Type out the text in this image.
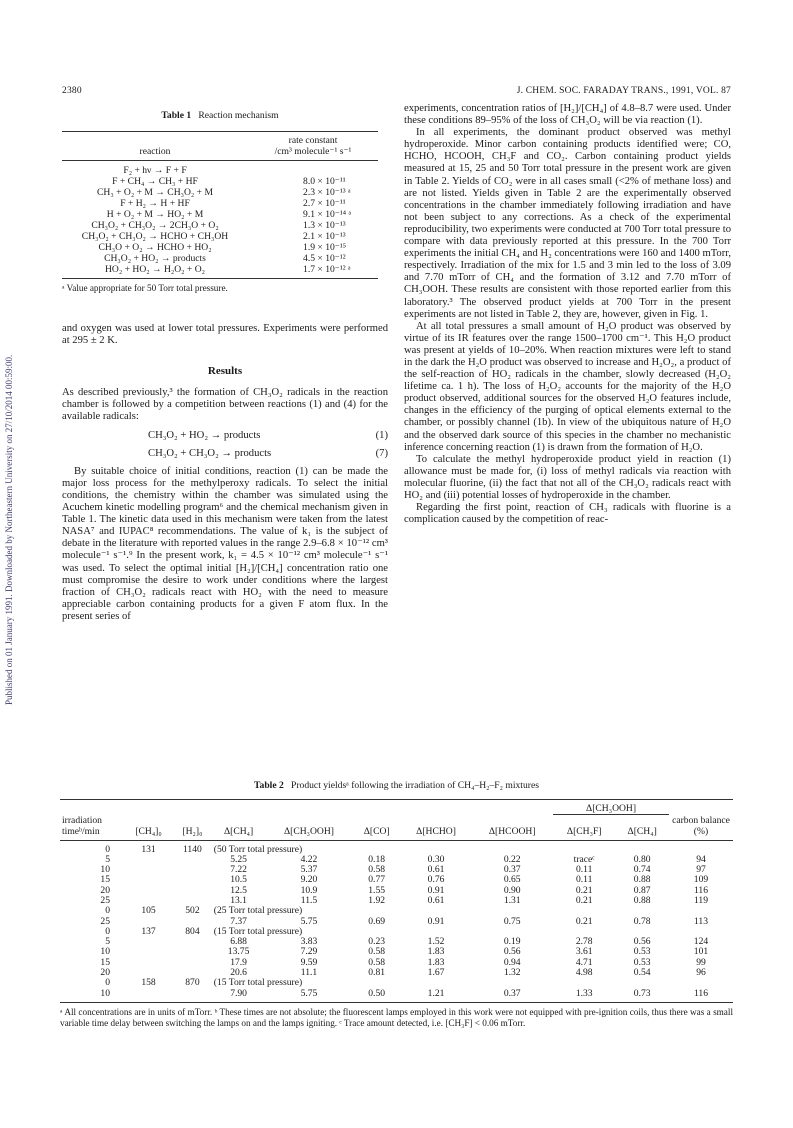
Published on 01 January 1991. Downloaded by Northeastern University on 27/10/2014 00:59:00.
2380	J. CHEM. SOC. FARADAY TRANS., 1991, VOL. 87
Table 1 Reaction mechanism
	rate constant
reaction	/cm³ molecule⁻¹ s⁻¹
F₂ + hν → F + F	
F + CH₄ → CH₃ + HF	8.0 × 10⁻¹¹
CH₃ + O₂ + M → CH₃O₂ + M	2.3 × 10⁻¹³ ᵃ
F + H₂ → H + HF	2.7 × 10⁻¹¹
H + O₂ + M → HO₂ + M	9.1 × 10⁻¹⁴ ᵃ
CH₃O₂ + CH₃O₂ → 2CH₃O + O₂	1.3 × 10⁻¹³
CH₃O₂ + CH₃O₂ → HCHO + CH₃OH	2.1 × 10⁻¹³
CH₃O + O₂ → HCHO + HO₂	1.9 × 10⁻¹⁵
CH₃O₂ + HO₂ → products	4.5 × 10⁻¹²
HO₂ + HO₂ → H₂O₂ + O₂	1.7 × 10⁻¹² ᵃ
ᵃ Value appropriate for 50 Torr total pressure.

and oxygen was used at lower total pressures. Experiments were performed at 295 ± 2 K.

Results

As described previously,³ the formation of CH₃O₂ radicals in the reaction chamber is followed by a competition between reactions (1) and (4) for the available radicals:

CH₃O₂ + HO₂ → products	(1)
CH₃O₂ + CH₃O₂ → products	(7)

By suitable choice of initial conditions, reaction (1) can be made the major loss process for the methylperoxy radicals. To select the initial conditions, the chemistry within the chamber was simulated using the Acuchem kinetic modelling program⁶ and the chemical mechanism given in Table 1. The kinetic data used in this mechanism were taken from the latest NASA⁷ and IUPAC⁸ recommendations. The value of k₁ is the subject of debate in the literature with reported values in the range 2.9–6.8 × 10⁻¹² cm³ molecule⁻¹ s⁻¹.⁹ In the present work, k₁ = 4.5 × 10⁻¹² cm³ molecule⁻¹ s⁻¹ was used. To select the optimal initial [H₂]/[CH₄] concentration ratio one must compromise the desire to work under conditions where the largest fraction of CH₃O₂ radicals react with HO₂ with the need to measure appreciable carbon containing products for a given F atom flux. In the present series of

experiments, concentration ratios of [H₂]/[CH₄] of 4.8–8.7 were used. Under these conditions 89–95% of the loss of CH₃O₂ will be via reaction (1).

In all experiments, the dominant product observed was methyl hydroperoxide. Minor carbon containing products identified were; CO, HCHO, HCOOH, CH₃F and CO₂. Carbon containing product yields measured at 15, 25 and 50 Torr total pressure in the present work are given in Table 2. Yields of CO₂ were in all cases small (<2% of methane loss) and are not listed. Yields given in Table 2 are the experimentally observed concentrations in the chamber immediately following irradiation and have not been subject to any corrections. As a check of the experimental reproducibility, two experiments were conducted at 700 Torr total pressure to compare with data previously reported at this pressure. In the 700 Torr experiments the initial CH₄ and H₂ concentrations were 160 and 1400 mTorr, respectively. Irradiation of the mix for 1.5 and 3 min led to the loss of 3.09 and 7.70 mTorr of CH₄ and the formation of 3.12 and 7.70 mTorr of CH₃OOH. These results are consistent with those reported earlier from this laboratory.³ The observed product yields at 700 Torr in the present experiments are not listed in Table 2, they are, however, given in Fig. 1.

At all total pressures a small amount of H₂O product was observed by virtue of its IR features over the range 1500–1700 cm⁻¹. This H₂O product was present at yields of 10–20%. When reaction mixtures were left to stand in the dark the H₂O product was observed to increase and H₂O₂, a product of the self-reaction of HO₂ radicals in the chamber, slowly decreased (H₂O₂ lifetime ca. 1 h). The loss of H₂O₂ accounts for the majority of the H₂O product observed, additional sources for the observed H₂O features include, changes in the efficiency of the purging of optical elements external to the chamber, or possibly channel (1b). In view of the ubiquitous nature of H₂O and the observed dark source of this species in the chamber no mechanistic inference concerning reaction (1) is drawn from the formation of H₂O.

To calculate the methyl hydroperoxide product yield in reaction (1) allowance must be made for, (i) loss of methyl radicals via reaction with molecular fluorine, (ii) the fact that not all of the CH₃O₂ radicals react with HO₂ and (iii) potential losses of hydroperoxide in the chamber.

Regarding the first point, reaction of CH₃ radicals with fluorine is a complication caused by the competition of reac-

Table 2 Product yieldsᵃ following the irradiation of CH₄–H₂–F₂ mixtures
								Δ[CH₃OOH]		
irradiation timeᵇ/min	[CH₄]₀	[H₂]₀	Δ[CH₄]	Δ[CH₃OOH]	Δ[CO]	Δ[HCHO]	Δ[HCOOH]	Δ[CH₃F]	Δ[CH₄]	carbon balance (%)
0	131	1140	(50 Torr total pressure)							
5			5.25	4.22	0.18	0.30	0.22	traceᶜ	0.80	94
10			7.22	5.37	0.58	0.61	0.37	0.11	0.74	97
15			10.5	9.20	0.77	0.76	0.65	0.11	0.88	109
20			12.5	10.9	1.55	0.91	0.90	0.21	0.87	116
25			13.1	11.5	1.92	0.61	1.31	0.21	0.88	119
0	105	502	(25 Torr total pressure)							
25			7.37	5.75	0.69	0.91	0.75	0.21	0.78	113
0	137	804	(15 Torr total pressure)							
5			6.88	3.83	0.23	1.52	0.19	2.78	0.56	124
10			13.75	7.29	0.58	1.83	0.56	3.61	0.53	101
15			17.9	9.59	0.58	1.83	0.94	4.71	0.53	99
20			20.6	11.1	0.81	1.67	1.32	4.98	0.54	96
0	158	870	(15 Torr total pressure)							
10			7.90	5.75	0.50	1.21	0.37	1.33	0.73	116
ᵃ All concentrations are in units of mTorr. ᵇ These times are not absolute; the fluorescent lamps employed in this work were not equipped with pre-ignition coils, thus there was a small variable time delay between switching the lamps on and the lamps igniting. ᶜ Trace amount detected, i.e. [CH₃F] < 0.06 mTorr.
